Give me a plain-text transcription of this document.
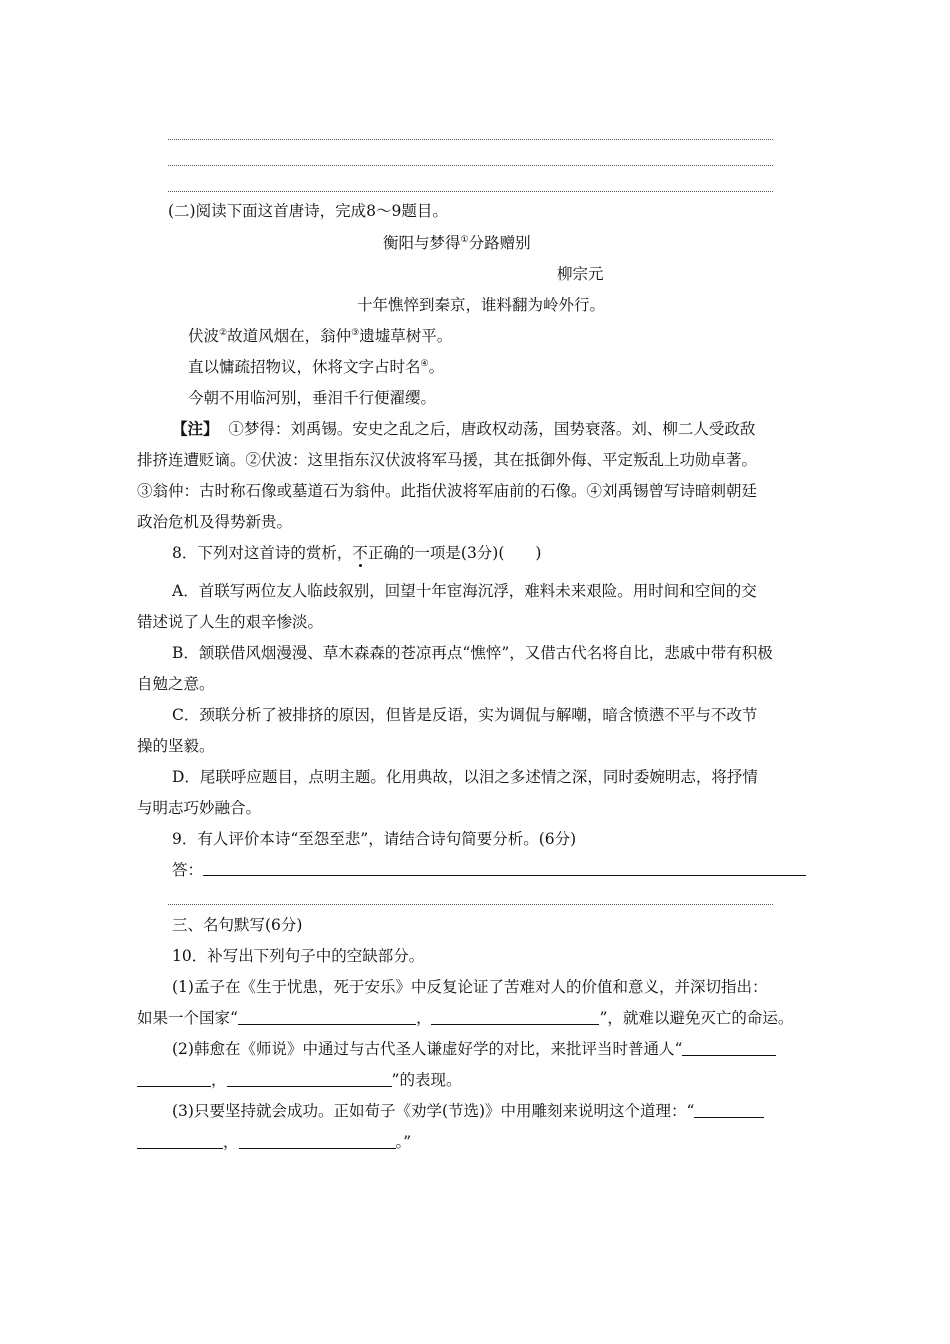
(二)阅读下面这首唐诗，完成8～9题目。
衡阳与梦得①分路赠别
柳宗元
十年憔悴到秦京，谁料翻为岭外行。
伏波②故道风烟在，翁仲③遗墟草树平。
直以慵疏招物议，休将文字占时名④。
今朝不用临河别，垂泪千行便濯缨。
【注】 ①梦得：刘禹锡。安史之乱之后，唐政权动荡，国势衰落。刘、柳二人受政敌
排挤连遭贬谪。②伏波：这里指东汉伏波将军马援，其在抵御外侮、平定叛乱上功勋卓著。
③翁仲：古时称石像或墓道石为翁仲。此指伏波将军庙前的石像。④刘禹锡曾写诗暗刺朝廷
政治危机及得势新贵。
8．下列对这首诗的赏析，不正确的一项是(3分)(　　)
A．首联写两位友人临歧叙别，回望十年宦海沉浮，难料未来艰险。用时间和空间的交
错述说了人生的艰辛惨淡。
B．颔联借风烟漫漫、草木森森的苍凉再点“憔悴”，又借古代名将自比，悲戚中带有积极
自勉之意。
C．颈联分析了被排挤的原因，但皆是反语，实为调侃与解嘲，暗含愤懑不平与不改节
操的坚毅。
D．尾联呼应题目，点明主题。化用典故，以泪之多述情之深，同时委婉明志，将抒情
与明志巧妙融合。
9．有人评价本诗“至怨至悲”，请结合诗句简要分析。(6分)
答：
三、名句默写(6分)
10．补写出下列句子中的空缺部分。
(1)孟子在《生于忧患，死于安乐》中反复论证了苦难对人的价值和意义，并深切指出：
如果一个国家“	，	”，就难以避免灭亡的命运。
(2)韩愈在《师说》中通过与古代圣人谦虚好学的对比，来批评当时普通人“
，	”的表现。
(3)只要坚持就会成功。正如荀子《劝学(节选)》中用雕刻来说明这个道理：“
，	。”
